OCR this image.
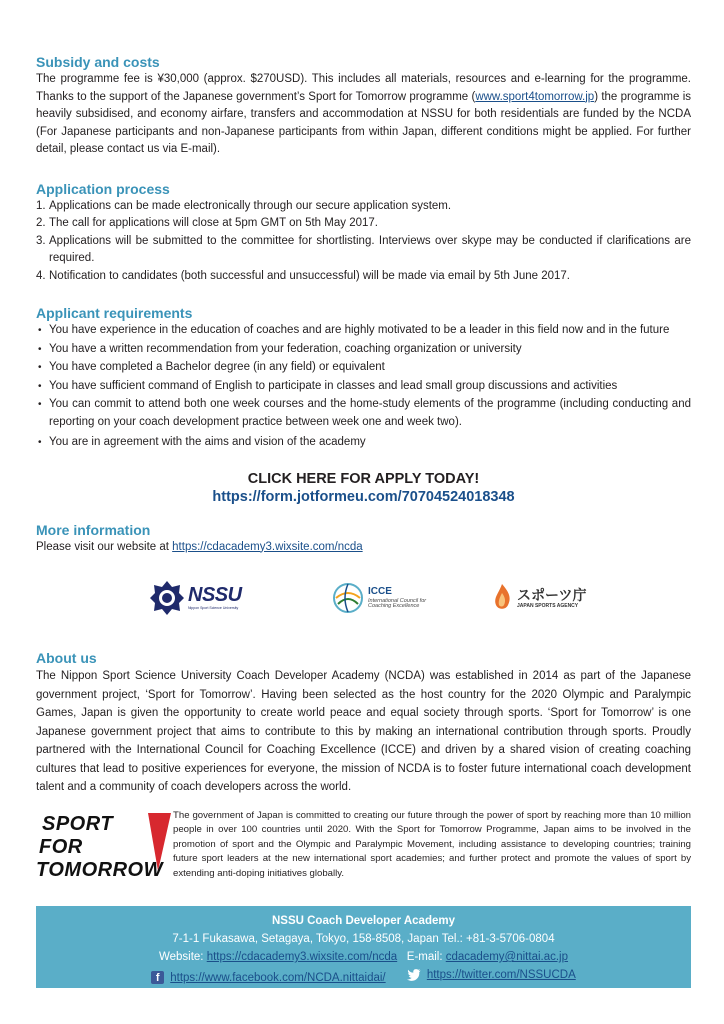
Subsidy and costs

The programme fee is ¥30,000 (approx. $270USD). This includes all materials, resources and e-learning for the programme. Thanks to the support of the Japanese government’s Sport for Tomorrow programme (www.sport4tomorrow.jp) the programme is heavily subsidised, and economy airfare, transfers and accommodation at NSSU for both residentials are funded by the NCDA (For Japanese participants and non-Japanese participants from within Japan, different conditions might be applied. For further detail, please contact us via E-mail).

Application process
1. Applications can be made electronically through our secure application system.
2. The call for applications will close at 5pm GMT on 5th May 2017.
3. Applications will be submitted to the committee for shortlisting. Interviews over skype may be conducted if clarifications are required.
4. Notification to candidates (both successful and unsuccessful) will be made via email by 5th June 2017.
Applicant requirements
• You have experience in the education of coaches and are highly motivated to be a leader in this field now and in the future
• You have a written recommendation from your federation, coaching organization or university
• You have completed a Bachelor degree (in any field) or equivalent
• You have sufficient command of English to participate in classes and lead small group discussions and activities
• You can commit to attend both one week courses and the home-study elements of the programme (including conducting and reporting on your coach development practice between week one and week two).
• You are in agreement with the aims and vision of the academy
CLICK HERE FOR APPLY TODAY!
https://form.jotformeu.com/70704524018348
More information

Please visit our website at https://cdacademy3.wixsite.com/ncda

NSSU
Nippon Sport Science University
ICCE
International Council for
Coaching Excellence
スポーツ庁
JAPAN SPORTS AGENCY
About us

The Nippon Sport Science University Coach Developer Academy (NCDA) was established in 2014 as part of the Japanese government project, ‘Sport for Tomorrow’. Having been selected as the host country for the 2020 Olympic and Paralympic Games, Japan is given the opportunity to create world peace and equal society through sports. ‘Sport for Tomorrow’ is one Japanese government project that aims to contribute to this by making an international contribution through sports. Proudly partnered with the International Council for Coaching Excellence (ICCE) and driven by a shared vision of creating coaching cultures that lead to positive experiences for everyone, the mission of NCDA is to foster future international coach development talent and a community of coach developers across the world.

SPORT
FOR
TOMORROW
The government of Japan is committed to creating our future through the power of sport by reaching more than 10 million people in over 100 countries until 2020. With the Sport for Tomorrow Programme, Japan aims to be involved in the promotion of sport and the Olympic and Paralympic Movement, including assistance to developing countries; training future sport leaders at the new international sport academies; and further protect and promote the values of sport by extending anti-doping initiatives globally.
NSSU Coach Developer Academy
7-1-1 Fukasawa, Setagaya, Tokyo, 158-8508, Japan Tel.: +81-3-5706-0804
Website: https://cdacademy3.wixsite.com/ncda   E-mail: cdacademy@nittai.ac.jp
f https://www.facebook.com/NCDA.nittaidai/
	https://twitter.com/NSSUCDA
